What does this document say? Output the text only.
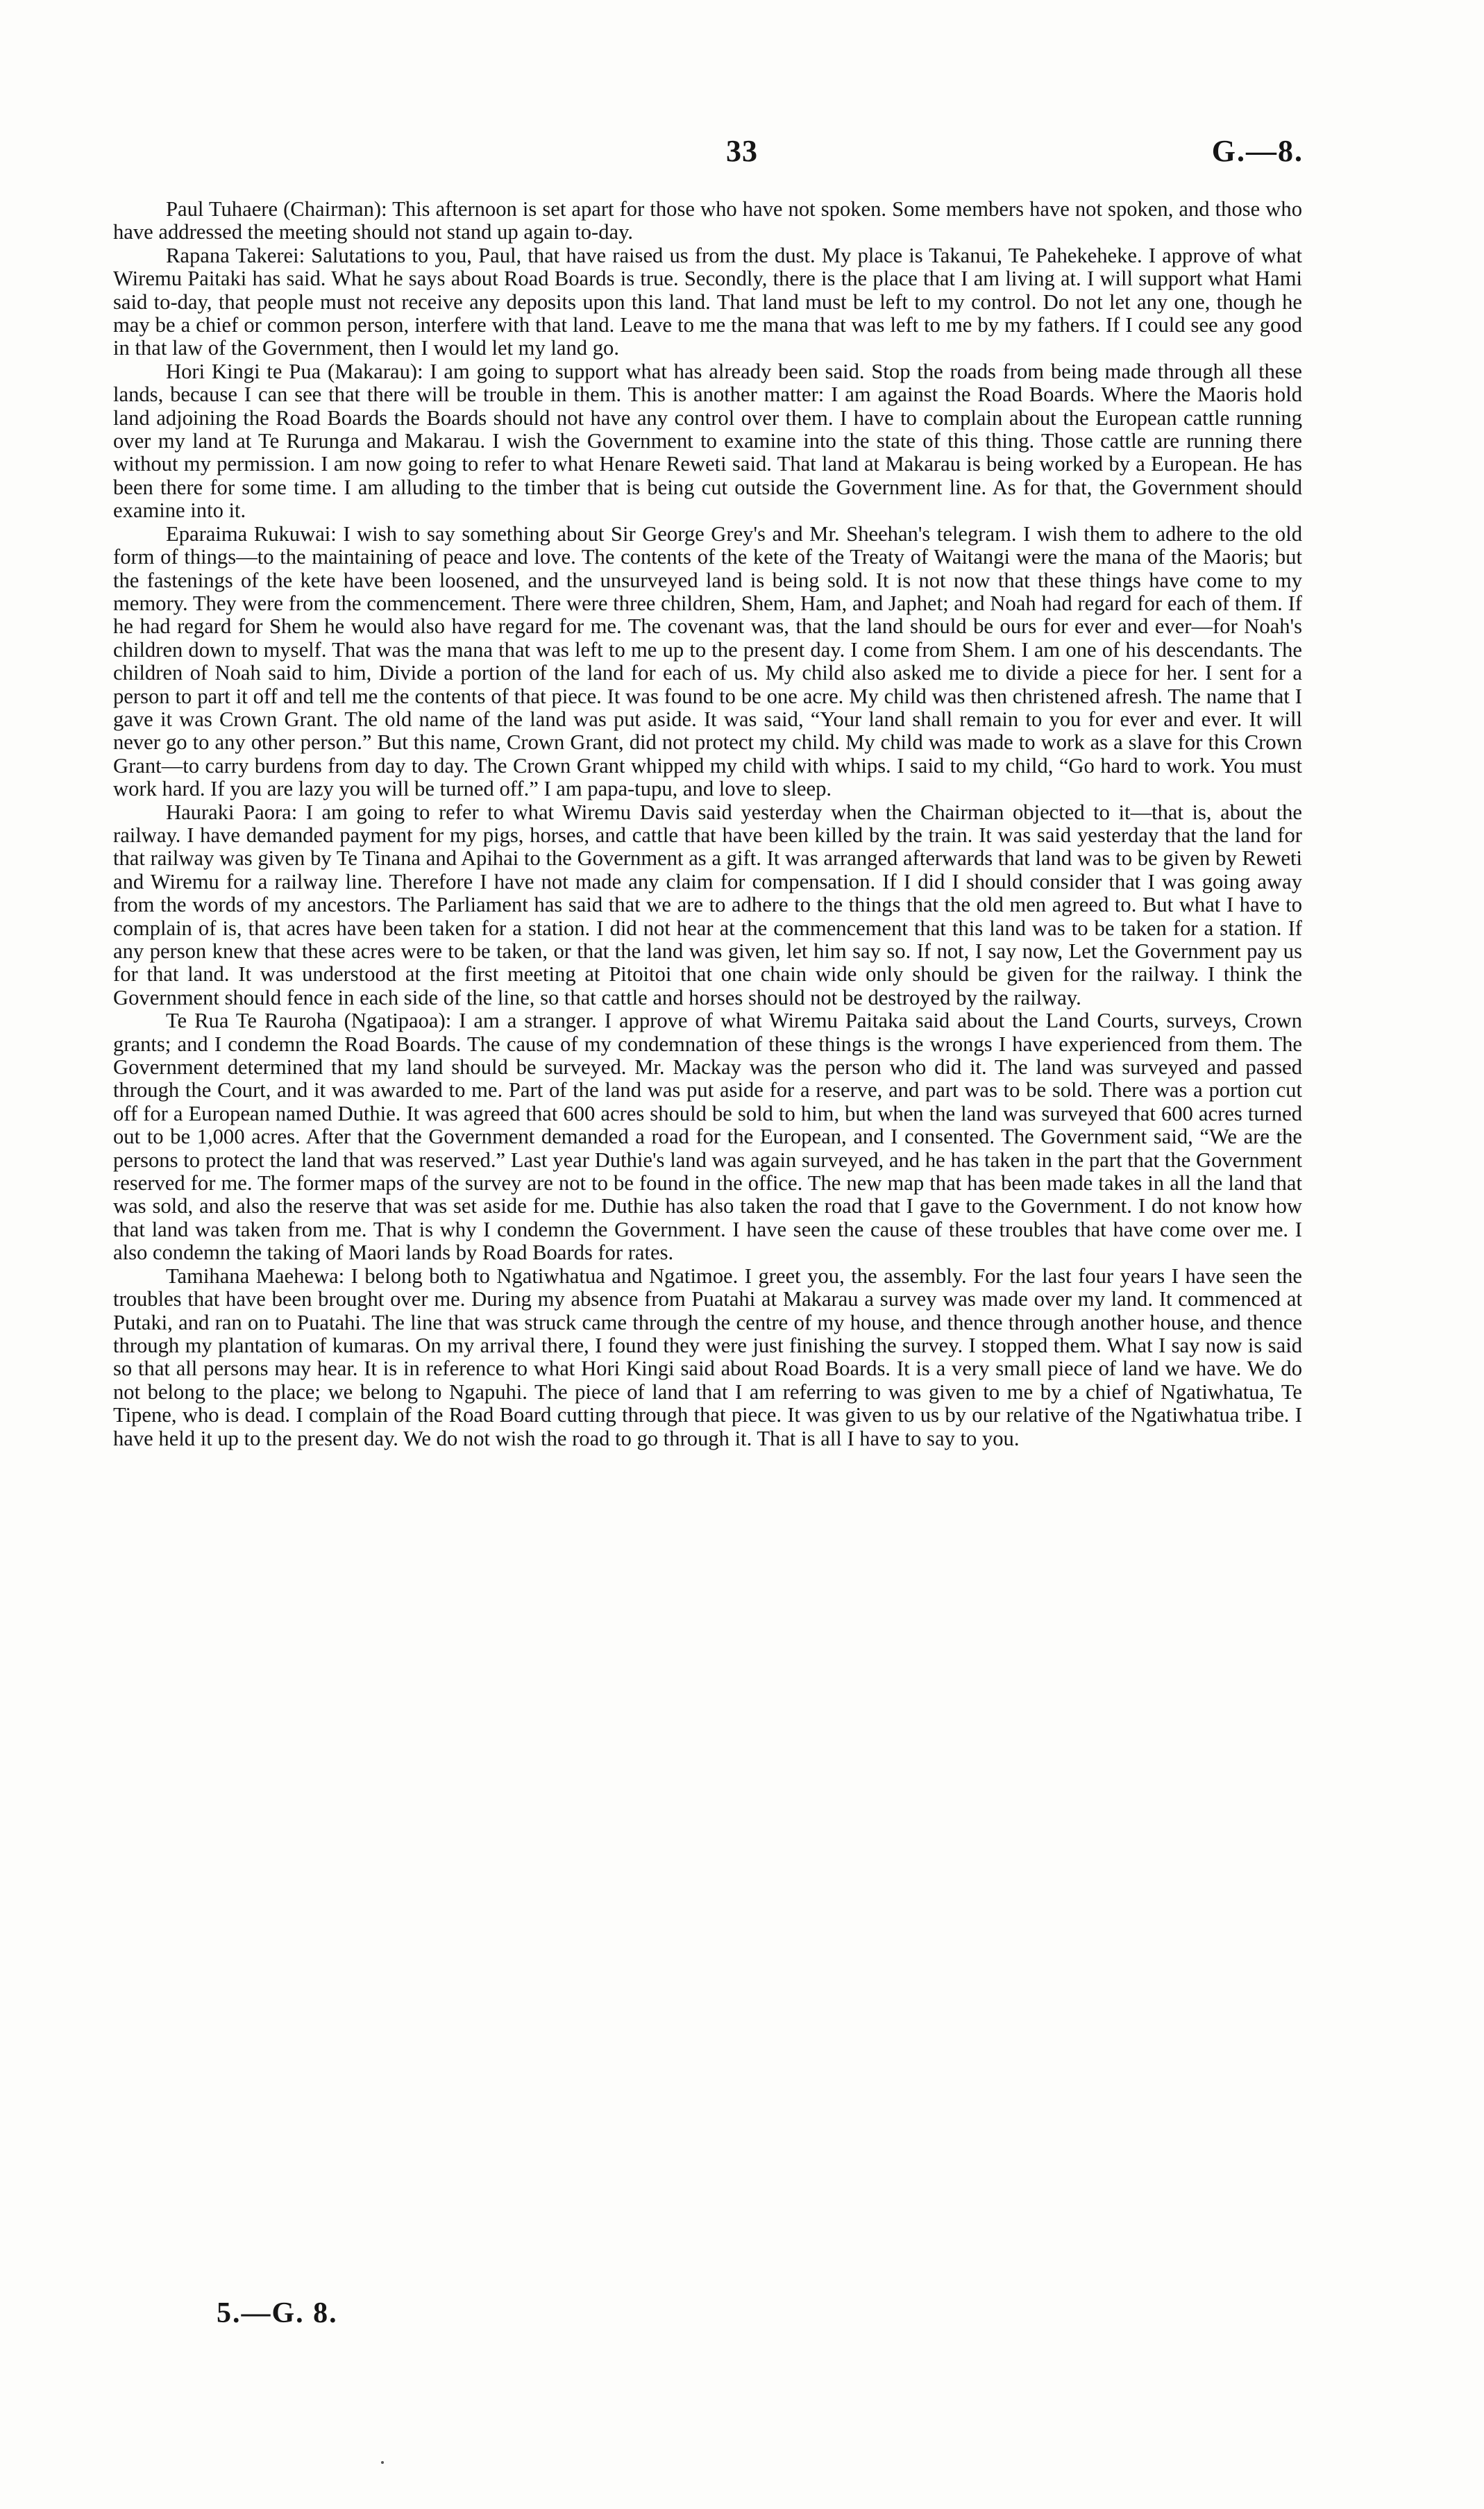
33	G.—8.

Paul Tuhaere (Chairman): This afternoon is set apart for those who have not spoken. Some members have not spoken, and those who have addressed the meeting should not stand up again to-day.

Rapana Takerei: Salutations to you, Paul, that have raised us from the dust. My place is Takanui, Te Pahekeheke. I approve of what Wiremu Paitaki has said. What he says about Road Boards is true. Secondly, there is the place that I am living at. I will support what Hami said to-day, that people must not receive any deposits upon this land. That land must be left to my control. Do not let any one, though he may be a chief or common person, interfere with that land. Leave to me the mana that was left to me by my fathers. If I could see any good in that law of the Government, then I would let my land go.

Hori Kingi te Pua (Makarau): I am going to support what has already been said. Stop the roads from being made through all these lands, because I can see that there will be trouble in them. This is another matter: I am against the Road Boards. Where the Maoris hold land adjoining the Road Boards the Boards should not have any control over them. I have to complain about the European cattle running over my land at Te Rurunga and Makarau. I wish the Government to examine into the state of this thing. Those cattle are running there without my permission. I am now going to refer to what Henare Reweti said. That land at Makarau is being worked by a European. He has been there for some time. I am alluding to the timber that is being cut outside the Government line. As for that, the Government should examine into it.

Eparaima Rukuwai: I wish to say something about Sir George Grey's and Mr. Sheehan's telegram. I wish them to adhere to the old form of things—to the maintaining of peace and love. The contents of the kete of the Treaty of Waitangi were the mana of the Maoris; but the fastenings of the kete have been loosened, and the unsurveyed land is being sold. It is not now that these things have come to my memory. They were from the commencement. There were three children, Shem, Ham, and Japhet; and Noah had regard for each of them. If he had regard for Shem he would also have regard for me. The covenant was, that the land should be ours for ever and ever—for Noah's children down to myself. That was the mana that was left to me up to the present day. I come from Shem. I am one of his descendants. The children of Noah said to him, Divide a portion of the land for each of us. My child also asked me to divide a piece for her. I sent for a person to part it off and tell me the contents of that piece. It was found to be one acre. My child was then christened afresh. The name that I gave it was Crown Grant. The old name of the land was put aside. It was said, “Your land shall remain to you for ever and ever. It will never go to any other person.” But this name, Crown Grant, did not protect my child. My child was made to work as a slave for this Crown Grant—to carry burdens from day to day. The Crown Grant whipped my child with whips. I said to my child, “Go hard to work. You must work hard. If you are lazy you will be turned off.” I am papa-tupu, and love to sleep.

Hauraki Paora: I am going to refer to what Wiremu Davis said yesterday when the Chairman objected to it—that is, about the railway. I have demanded payment for my pigs, horses, and cattle that have been killed by the train. It was said yesterday that the land for that railway was given by Te Tinana and Apihai to the Government as a gift. It was arranged afterwards that land was to be given by Reweti and Wiremu for a railway line. Therefore I have not made any claim for compensation. If I did I should consider that I was going away from the words of my ancestors. The Parliament has said that we are to adhere to the things that the old men agreed to. But what I have to complain of is, that acres have been taken for a station. I did not hear at the commencement that this land was to be taken for a station. If any person knew that these acres were to be taken, or that the land was given, let him say so. If not, I say now, Let the Government pay us for that land. It was understood at the first meeting at Pitoitoi that one chain wide only should be given for the railway. I think the Government should fence in each side of the line, so that cattle and horses should not be destroyed by the railway.

Te Rua Te Rauroha (Ngatipaoa): I am a stranger. I approve of what Wiremu Paitaka said about the Land Courts, surveys, Crown grants; and I condemn the Road Boards. The cause of my condemnation of these things is the wrongs I have experienced from them. The Government determined that my land should be surveyed. Mr. Mackay was the person who did it. The land was surveyed and passed through the Court, and it was awarded to me. Part of the land was put aside for a reserve, and part was to be sold. There was a portion cut off for a European named Duthie. It was agreed that 600 acres should be sold to him, but when the land was surveyed that 600 acres turned out to be 1,000 acres. After that the Government demanded a road for the European, and I consented. The Government said, “We are the persons to protect the land that was reserved.” Last year Duthie's land was again surveyed, and he has taken in the part that the Government reserved for me. The former maps of the survey are not to be found in the office. The new map that has been made takes in all the land that was sold, and also the reserve that was set aside for me. Duthie has also taken the road that I gave to the Government. I do not know how that land was taken from me. That is why I condemn the Government. I have seen the cause of these troubles that have come over me. I also condemn the taking of Maori lands by Road Boards for rates.

Tamihana Maehewa: I belong both to Ngatiwhatua and Ngatimoe. I greet you, the assembly. For the last four years I have seen the troubles that have been brought over me. During my absence from Puatahi at Makarau a survey was made over my land. It commenced at Putaki, and ran on to Puatahi. The line that was struck came through the centre of my house, and thence through another house, and thence through my plantation of kumaras. On my arrival there, I found they were just finishing the survey. I stopped them. What I say now is said so that all persons may hear. It is in reference to what Hori Kingi said about Road Boards. It is a very small piece of land we have. We do not belong to the place; we belong to Ngapuhi. The piece of land that I am referring to was given to me by a chief of Ngatiwhatua, Te Tipene, who is dead. I complain of the Road Board cutting through that piece. It was given to us by our relative of the Ngatiwhatua tribe. I have held it up to the present day. We do not wish the road to go through it. That is all I have to say to you.

5.—G. 8.
